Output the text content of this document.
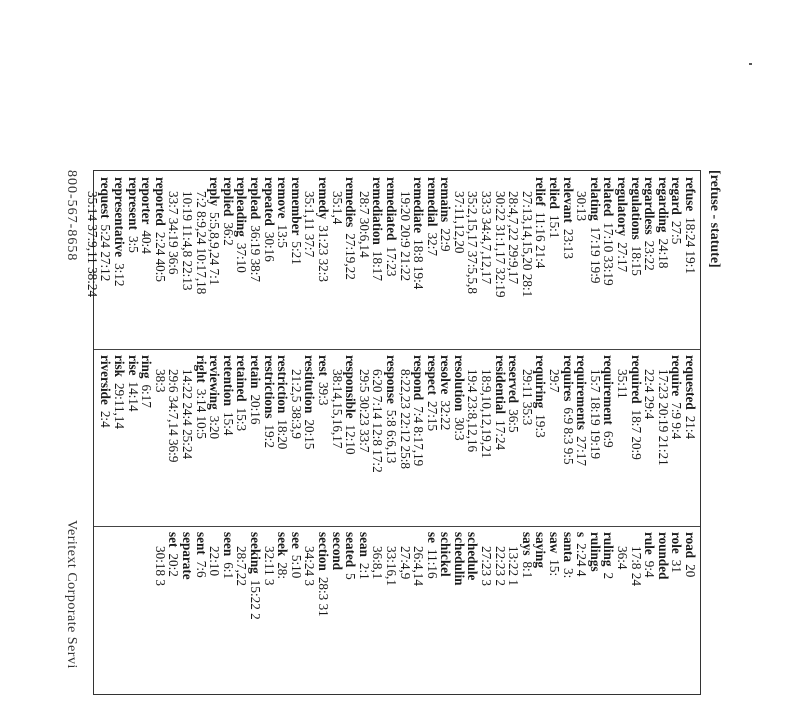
[refuse - statute]
refuse18:24 19:1
regard27:5
regarding24:18
regardless23:22
regulations18:15
regulatory27:17
related17:10 33:19
relating17:19 19:9
30:13
relevant23:13
relied15:1
relief11:16 21:4
27:13,14,15,20 28:1
28:4,7,22 29:9,17
30:22 31:1,17 32:19
33:3 34:4,7,12,17
35:2,15,17 37:5,5,8
37:11,12,20
remains22:9
remedial32:7
remediate18:8 19:4
19:20 20:9 21:22
remediated17:23
remediation18:17
28:7 30:6,14
remedies27:19,22
35:1,4
remedy31:23 32:3
35:1,11 37:7
remember5:21
remove13:5
repeated30:16
replead36:19 38:7
repleading37:10
replied36:2
reply5:5,8,9,24 7:1
7:2 8:9,24 10:17,18
10:19 11:4,8 22:13
33:7 34:19 36:6
reported2:24 40:5
reporter40:4
represent3:5
representative3:12
request5:24 27:12
35:14 37:9,11 38:24
requested21:4
require7:9 9:4
17:23 20:19 21:21
22:4 29:4
required18:7 20:9
35:11
requirement6:9
15:7 18:19 19:19
requirements27:17
requires6:9 8:3 9:5
29:7
requiring19:3
29:11 35:3
reserved36:5
residential17:24
18:9,10,12,19,21
19:4 23:8,12,16
resolution30:3
resolve32:22
respect27:15
respond7:4 8:17,19
8:22,23 22:12 25:8
response5:8 6:6,13
6:20 7:14 12:8 17:2
29:5 30:23 33:7
responsible12:10
38:14,15,16,17
rest39:3
restitution20:15
21:2,5 38:3,9
restriction18:20
restrictions19:2
retain20:16
retained15:3
retention15:4
reviewing3:20
right3:14 10:5
14:22 24:4 25:24
29:6 34:7,14 36:9
38:3
ring6:17
rise14:14
risk29:11,14
riverside2:4
road20
role31
rounded
rule9:4
17:8 24
36:4
ruling2
rulings
s2:24 4
santa3:
saw15:
saying
says8:1
13:22 1
22:23 2
27:23 3
schedule
schedulin
schickel
se11:16
26:4,14
27:4,9
33:16,1
36:8,1
sean2:1
seated5
second
section28:3 31
34:24 3
see5:10
seek28:
32:11 3
seeking15:22 2
28:7,22
seen6:1
22:10
sent7:6
separate
set20:2
30:18 3
800-567-8658
Veritext Corporate Servi
